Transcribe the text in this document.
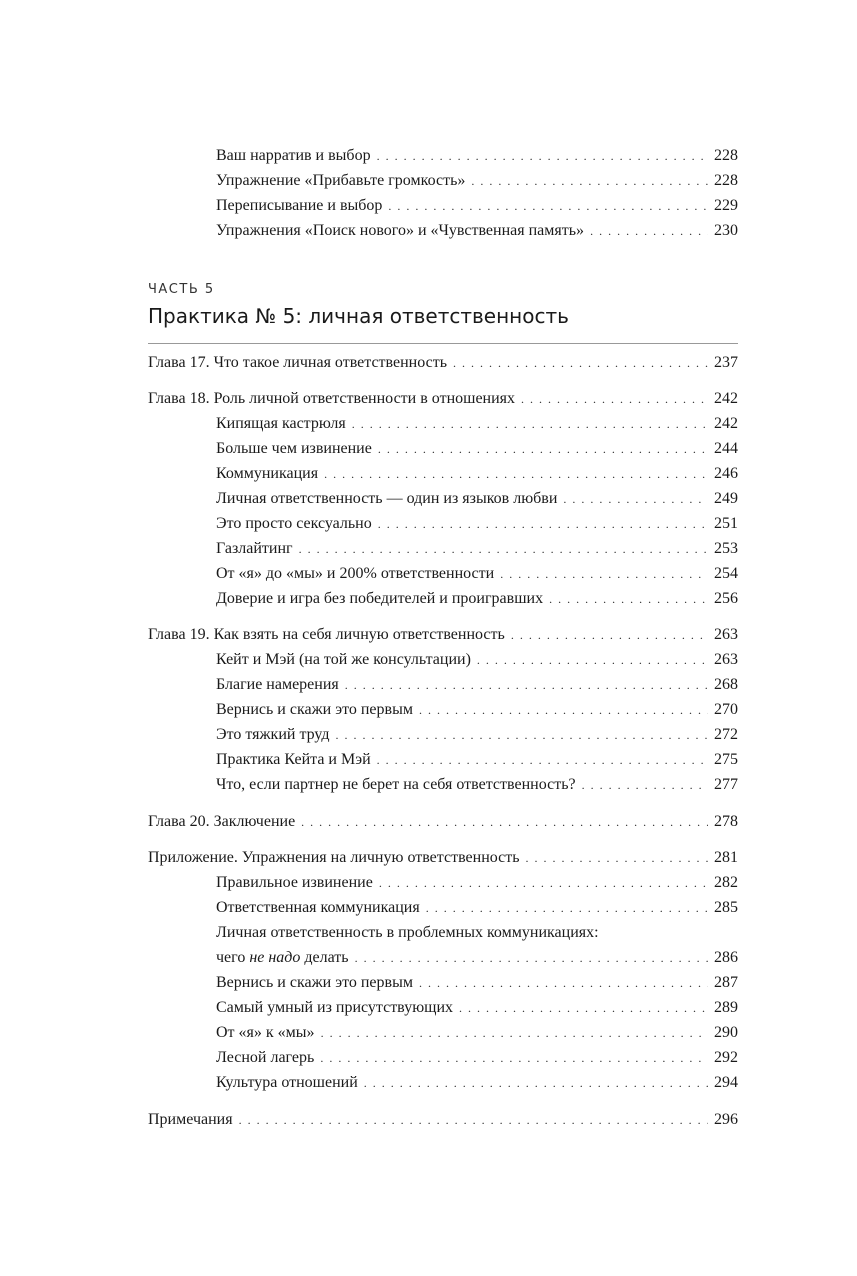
Ваш нарратив и выбор . . .	228
Упражнение «Прибавьте громкость» . . .	228
Переписывание и выбор . . .	229
Упражнения «Поиск нового» и «Чувственная память» . . .	230
ЧАСТЬ 5
Практика № 5: личная ответственность
Глава 17. Что такое личная ответственность . . .	237
Глава 18. Роль личной ответственности в отношениях . . .	242
Кипящая кастрюля . . .	242
Больше чем извинение . . .	244
Коммуникация . . .	246
Личная ответственность — один из языков любви . . .	249
Это просто сексуально . . .	251
Газлайтинг . . .	253
От «я» до «мы» и 200% ответственности . . .	254
Доверие и игра без победителей и проигравших . . .	256
Глава 19. Как взять на себя личную ответственность . . .	263
Кейт и Мэй (на той же консультации) . . .	263
Благие намерения . . .	268
Вернись и скажи это первым . . .	270
Это тяжкий труд . . .	272
Практика Кейта и Мэй . . .	275
Что, если партнер не берет на себя ответственность? . . .	277
Глава 20. Заключение . . .	278
Приложение. Упражнения на личную ответственность . . .	281
Правильное извинение . . .	282
Ответственная коммуникация . . .	285
Личная ответственность в проблемных коммуникациях:
чего не надо делать . . .	286
Вернись и скажи это первым . . .	287
Самый умный из присутствующих . . .	289
От «я» к «мы» . . .	290
Лесной лагерь . . .	292
Культура отношений . . .	294
Примечания . . .	296
